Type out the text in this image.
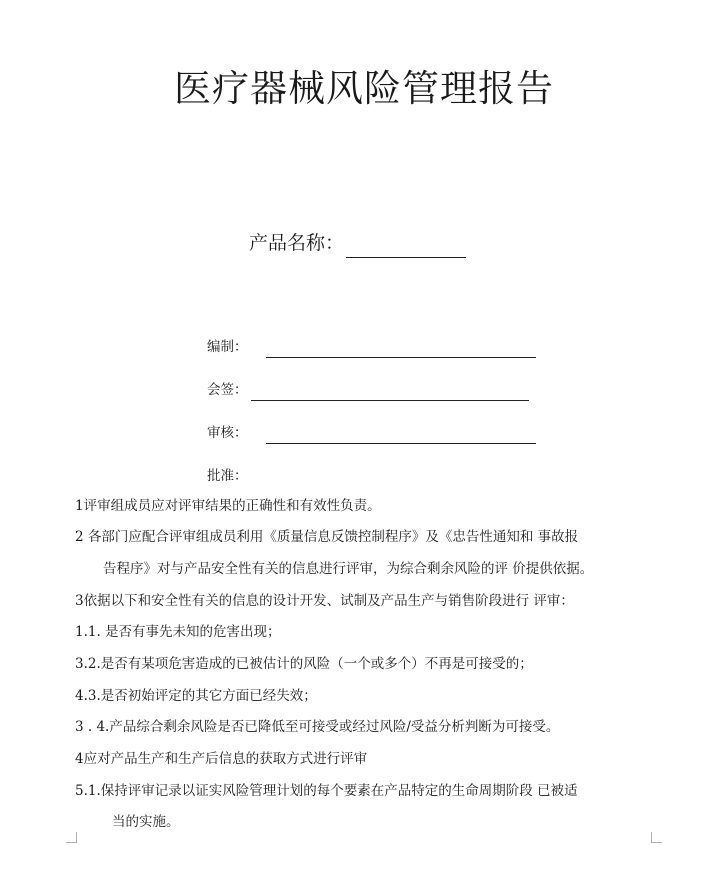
医疗器械风险管理报告
产品名称：
编制：
会签：
审核：
批准：
1评审组成员应对评审结果的正确性和有效性负责。
2 各部门应配合评审组成员利用《质量信息反馈控制程序》及《忠告性通知和 事故报
告程序》对与产品安全性有关的信息进行评审，为综合剩余风险的评 价提供依据。
3依据以下和安全性有关的信息的设计开发、试制及产品生产与销售阶段进行 评审：
1.1. 是否有事先未知的危害出现；
3.2.是否有某项危害造成的已被估计的风险（一个或多个）不再是可接受的；
4.3.是否初始评定的其它方面已经失效；
3 . 4.产品综合剩余风险是否已降低至可接受或经过风险/受益分析判断为可接受。
4应对产品生产和生产后信息的获取方式进行评审
5.1.保持评审记录以证实风险管理计划的每个要素在产品特定的生命周期阶段 已被适
当的实施。
